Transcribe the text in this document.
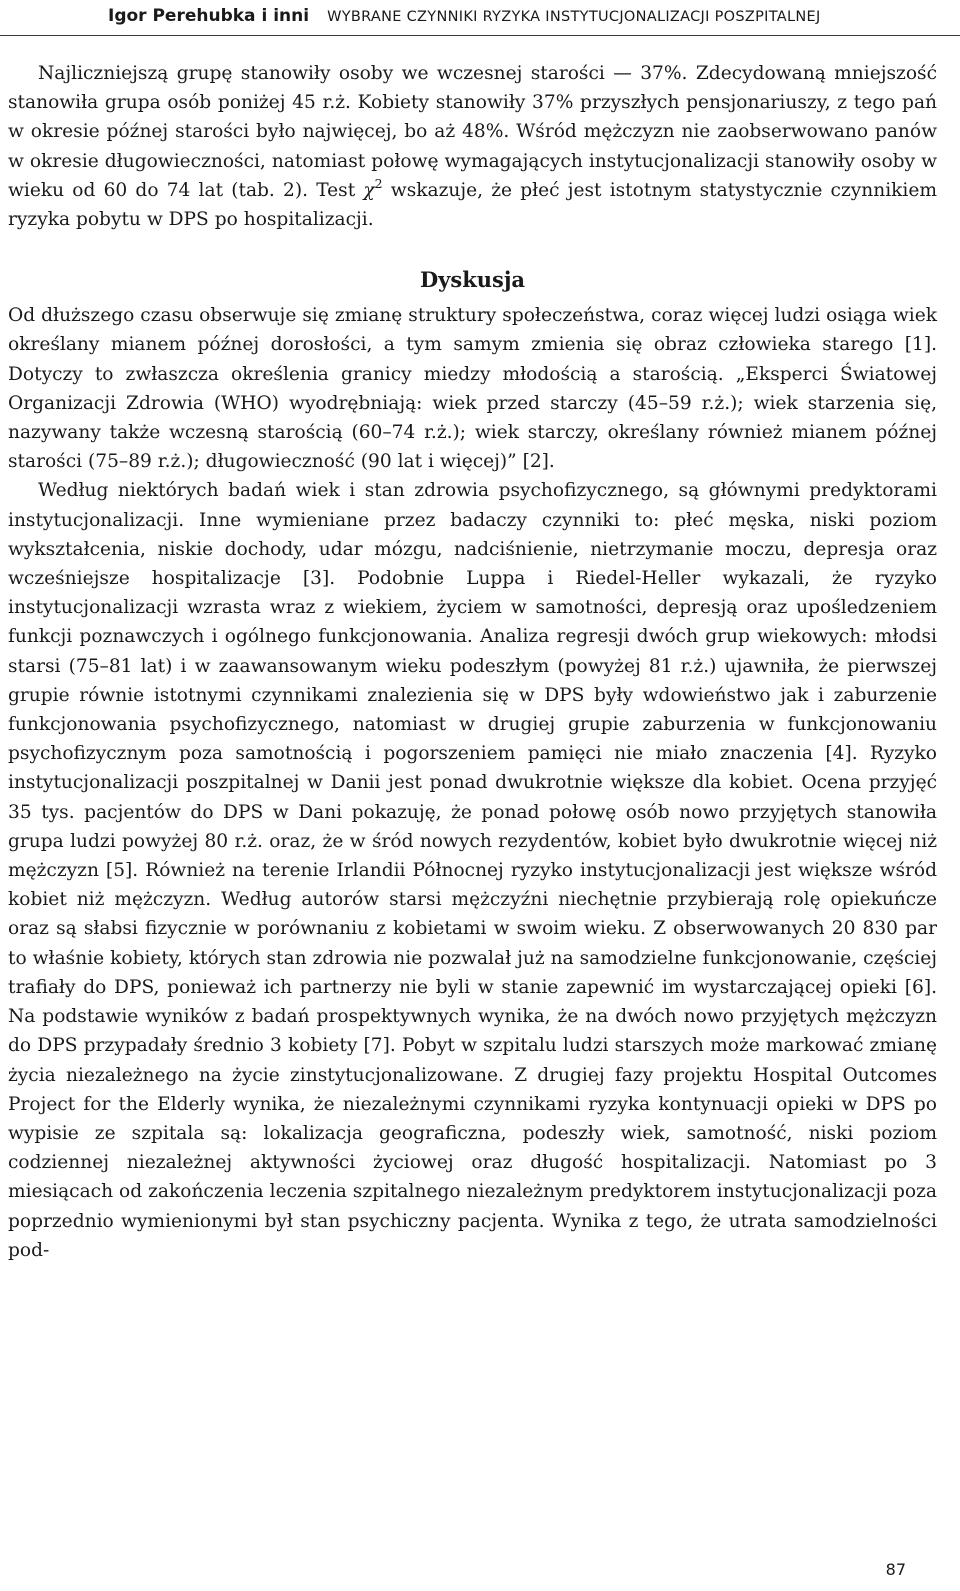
Igor Perehubka i inni WYBRANE CZYNNIKI RYZYKA INSTYTUCJONALIZACJI POSZPITALNEJ

Najliczniejszą grupę stanowiły osoby we wczesnej starości — 37%. Zdecydowaną mniejszość stanowiła grupa osób poniżej 45 r.ż. Kobiety stanowiły 37% przyszłych pensjonariuszy, z tego pań w okresie późnej starości było najwięcej, bo aż 48%. Wśród mężczyzn nie zaobserwowano panów w okresie długowieczności, natomiast połowę wymagających instytucjonalizacji stanowiły osoby w wieku od 60 do 74 lat (tab. 2). Test $\chi^2$ wskazuje, że płeć jest istotnym statystycznie czynnikiem ryzyka pobytu w DPS po hospitalizacji.

Dyskusja

Od dłuższego czasu obserwuje się zmianę struktury społeczeństwa, coraz więcej ludzi osiąga wiek określany mianem późnej dorosłości, a tym samym zmienia się obraz człowieka starego [1]. Dotyczy to zwłaszcza określenia granicy miedzy młodością a starością. „Eksperci Światowej Organizacji Zdrowia (WHO) wyodrębniają: wiek przed starczy (45–59 r.ż.); wiek starzenia się, nazywany także wczesną starością (60–74 r.ż.); wiek starczy, określany również mianem późnej starości (75–89 r.ż.); długowieczność (90 lat i więcej)” [2].

Według niektórych badań wiek i stan zdrowia psychofizycznego, są głównymi predyktorami instytucjonalizacji. Inne wymieniane przez badaczy czynniki to: płeć męska, niski poziom wykształcenia, niskie dochody, udar mózgu, nadciśnienie, nietrzymanie moczu, depresja oraz wcześniejsze hospitalizacje [3]. Podobnie Luppa i Riedel-Heller wykazali, że ryzyko instytucjonalizacji wzrasta wraz z wiekiem, życiem w samotności, depresją oraz upośledzeniem funkcji poznawczych i ogólnego funkcjonowania. Analiza regresji dwóch grup wiekowych: młodsi starsi (75–81 lat) i w zaawansowanym wieku podeszłym (powyżej 81 r.ż.) ujawniła, że pierwszej grupie równie istotnymi czynnikami znalezienia się w DPS były wdowieństwo jak i zaburzenie funkcjonowania psychofizycznego, natomiast w drugiej grupie zaburzenia w funkcjonowaniu psychofizycznym poza samotnością i pogorszeniem pamięci nie miało znaczenia [4]. Ryzyko instytucjonalizacji poszpitalnej w Danii jest ponad dwukrotnie większe dla kobiet. Ocena przyjęć 35 tys. pacjentów do DPS w Dani pokazuję, że ponad połowę osób nowo przyjętych stanowiła grupa ludzi powyżej 80 r.ż. oraz, że w śród nowych rezydentów, kobiet było dwukrotnie więcej niż mężczyzn [5]. Również na terenie Irlandii Północnej ryzyko instytucjonalizacji jest większe wśród kobiet niż mężczyzn. Według autorów starsi mężczyźni niechętnie przybierają rolę opiekuńcze oraz są słabsi fizycznie w porównaniu z kobietami w swoim wieku. Z obserwowanych 20 830 par to właśnie kobiety, których stan zdrowia nie pozwalał już na samodzielne funkcjonowanie, częściej trafiały do DPS, ponieważ ich partnerzy nie byli w stanie zapewnić im wystarczającej opieki [6]. Na podstawie wyników z badań prospektywnych wynika, że na dwóch nowo przyjętych mężczyzn do DPS przypadały średnio 3 kobiety [7]. Pobyt w szpitalu ludzi starszych może markować zmianę życia niezależnego na życie zinstytucjonalizowane. Z drugiej fazy projektu Hospital Outcomes Project for the Elderly wynika, że niezależnymi czynnikami ryzyka kontynuacji opieki w DPS po wypisie ze szpitala są: lokalizacja geograficzna, podeszły wiek, samotność, niski poziom codziennej niezależnej aktywności życiowej oraz długość hospitalizacji. Natomiast po 3 miesiącach od zakończenia leczenia szpitalnego niezależnym predyktorem instytucjonalizacji poza poprzednio wymienionymi był stan psychiczny pacjenta. Wynika z tego, że utrata samodzielności pod-

87
